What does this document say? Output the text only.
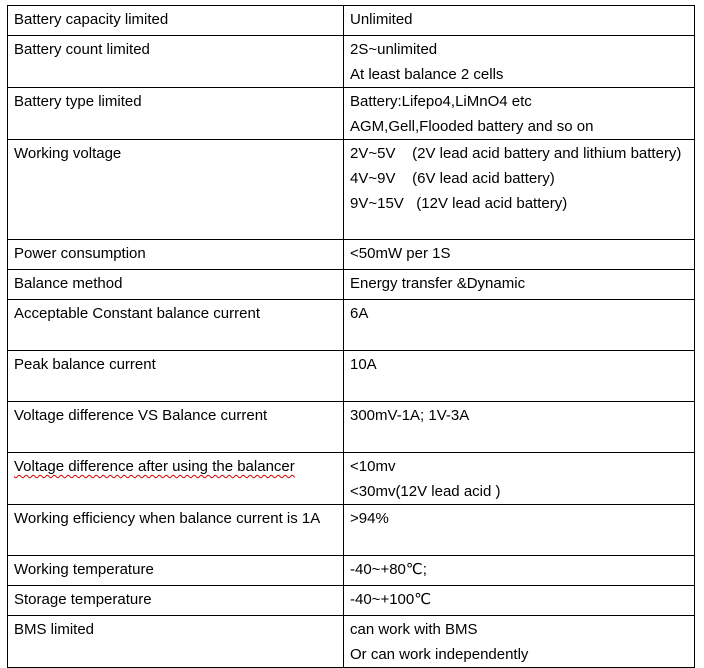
Battery capacity limited	Unlimited

Battery count limited	2S~unlimited
At least balance 2 cells

Battery type limited	Battery:Lifepo4,LiMnO4 etc
AGM,Gell,Flooded battery and so on

Working voltage	2V~5V    (2V lead acid battery and lithium battery)
4V~9V    (6V lead acid battery)
9V~15V   (12V lead acid battery)

Power consumption	<50mW per 1S

Balance method	Energy transfer &Dynamic

Acceptable Constant balance current	6A

Peak balance current	10A

Voltage difference VS Balance current	300mV-1A; 1V-3A

Voltage difference after using the balancer	<10mv
<30mv(12V lead acid )

Working efficiency when balance current is 1A	>94%

Working temperature	-40~+80℃;

Storage temperature	-40~+100℃

BMS limited	can work with BMS
Or can work independently
